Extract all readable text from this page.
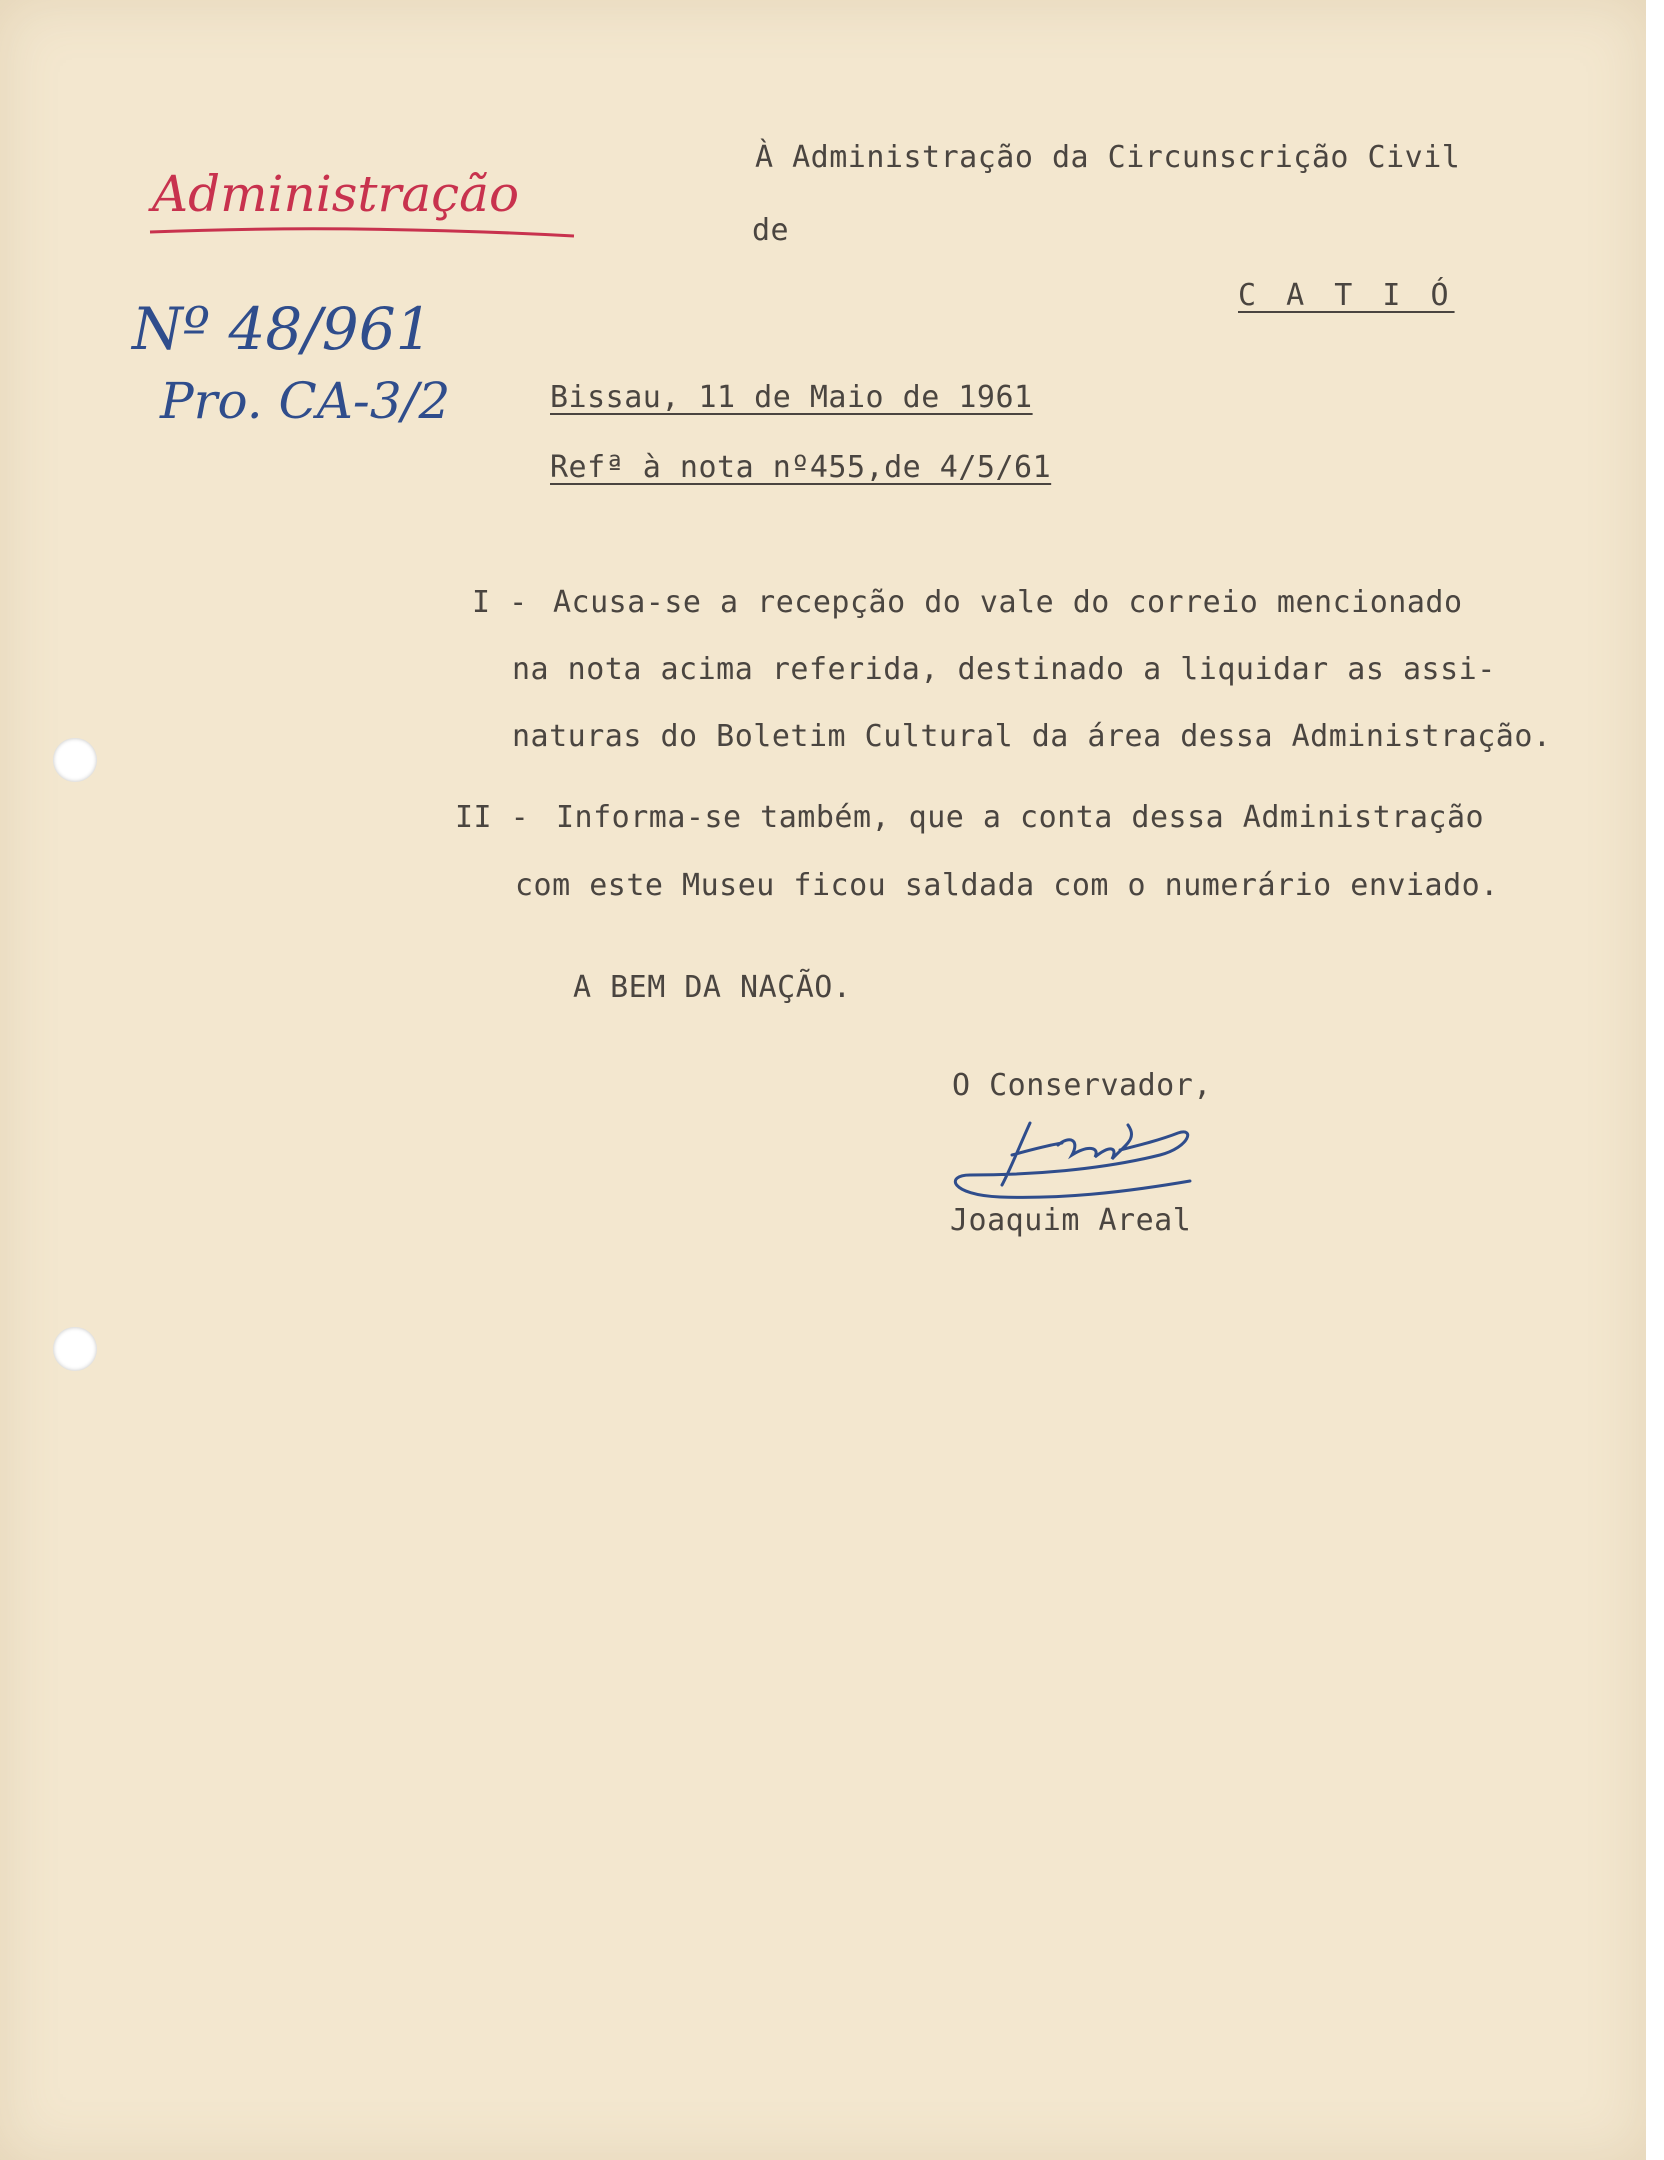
Administração
Nº 48/961
Pro. CA-3/2
À Administração da Circunscrição Civil
de
C A T I Ó
Bissau, 11 de Maio de 1961
Refª à nota nº455,de 4/5/61
I - Acusa-se a recepção do vale do correio mencionado
na nota acima referida, destinado a liquidar as assi-
naturas do Boletim Cultural da área dessa Administração.
II - Informa-se também, que a conta dessa Administração
com este Museu ficou saldada com o numerário enviado.
A BEM DA NAÇÃO.
O Conservador,
Joaquim Areal
